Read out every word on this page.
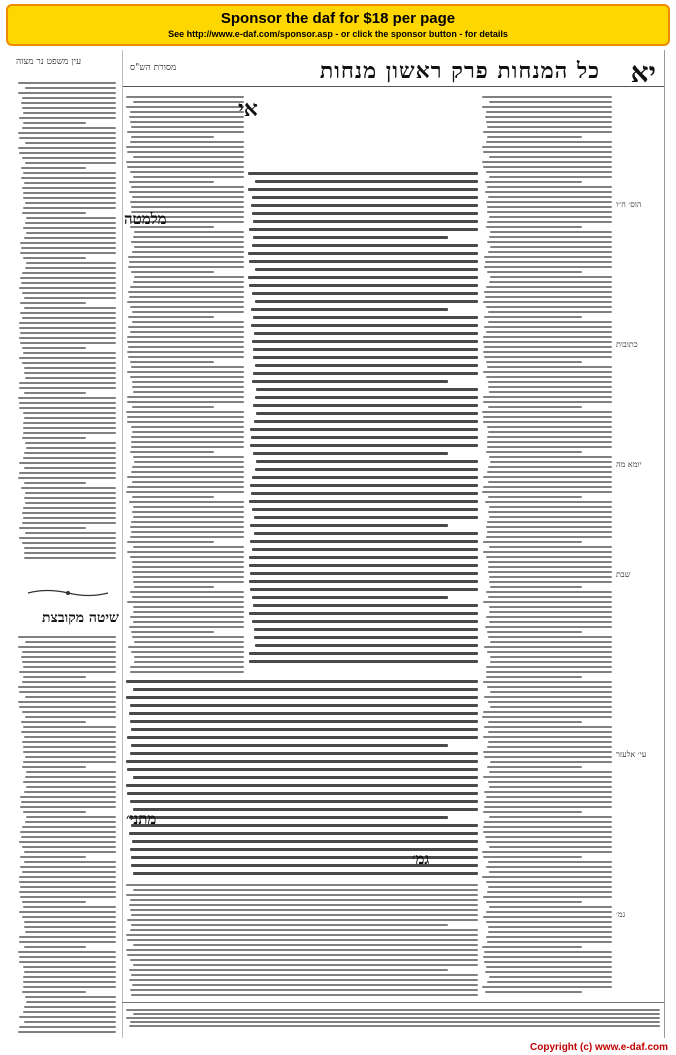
Sponsor the daf for $18 per page
See http://www.e-daf.com/sponsor.asp - or click the sponsor button - for details
יא
כל המנחות פרק ראשון מנחות
מסורת הש"ס
עין משפט נר מצוה
שיטה מקובצת
אי
מלמטה
מתני׳
גמ׳
הוס׳ ח״ו
כתובות
יומא מה
שבת
עי׳ אלעזר
גמ׳
Copyright (c) www.e-daf.com
